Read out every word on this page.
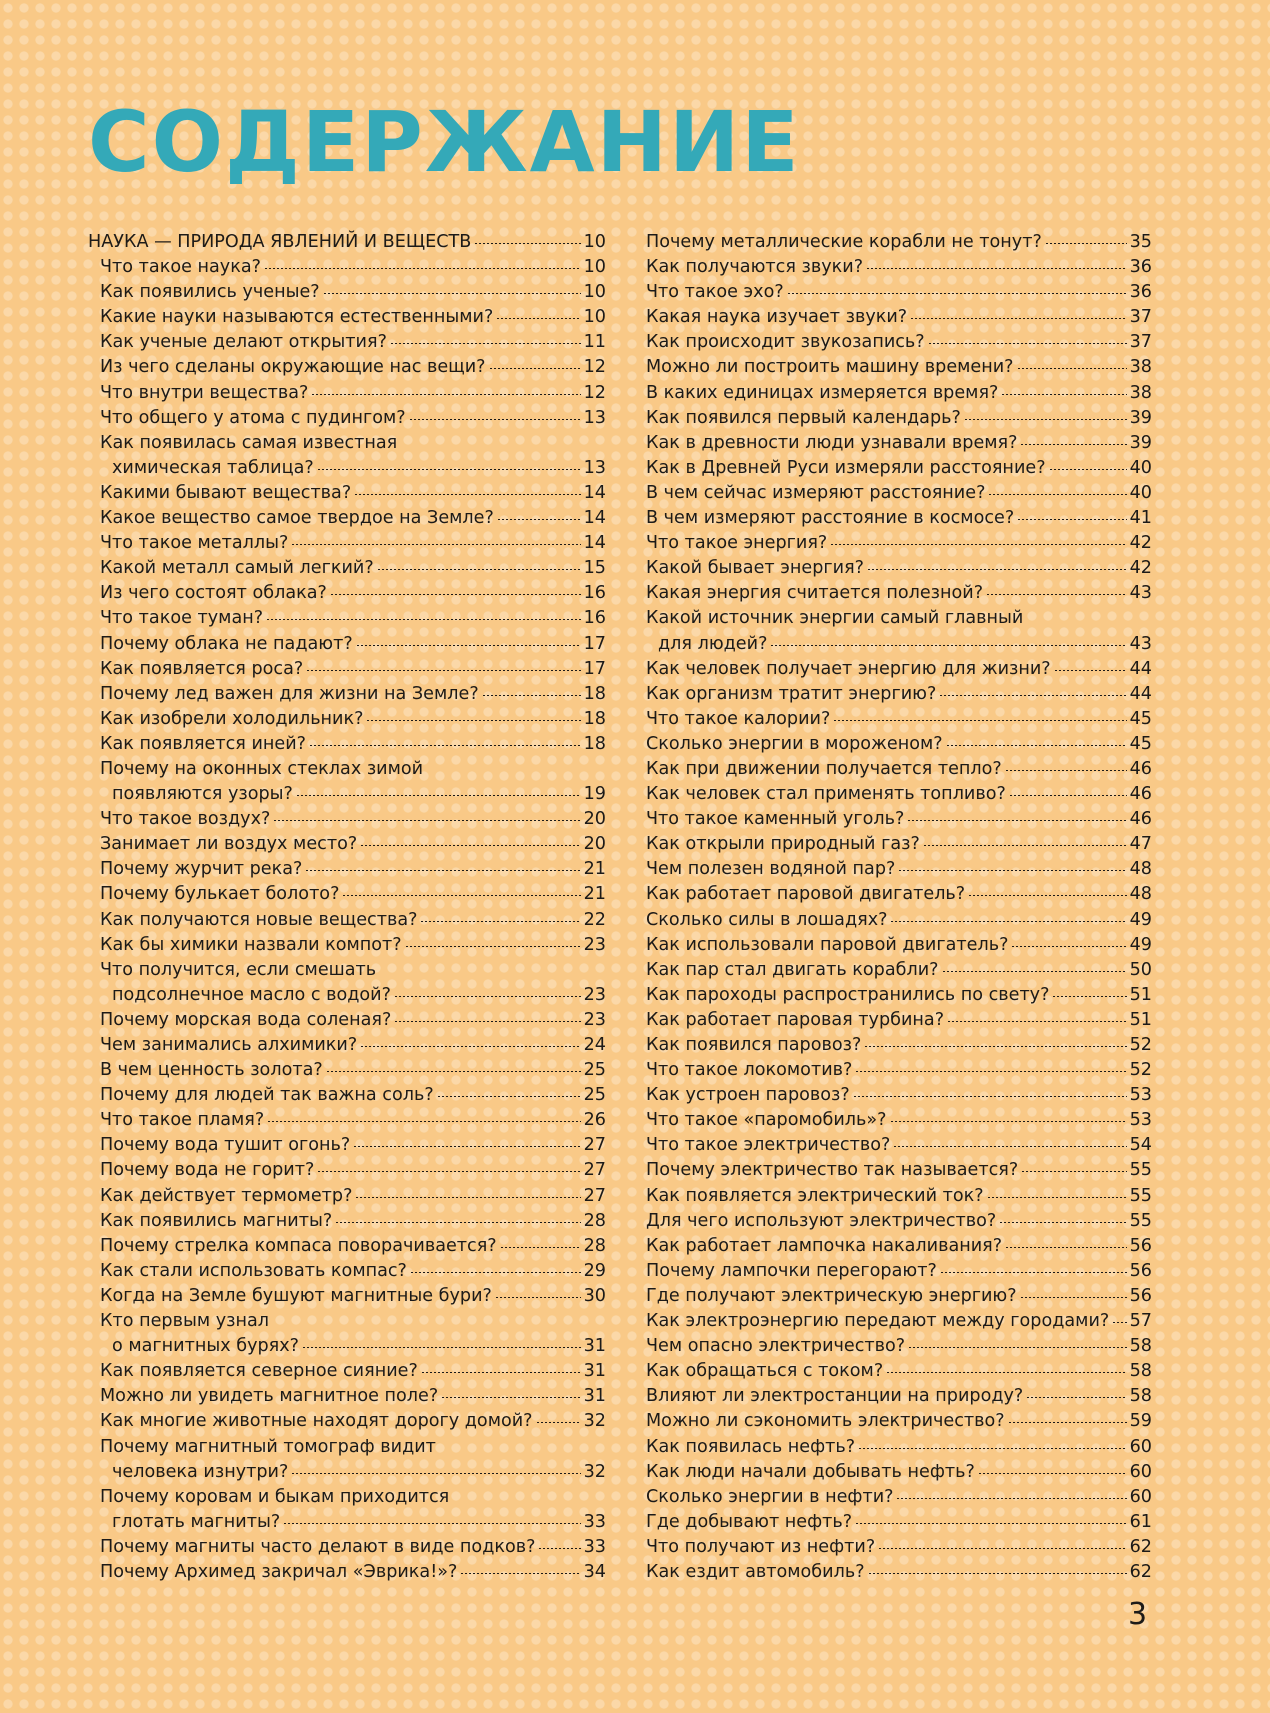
СОДЕРЖАНИЕ
НАУКА — ПРИРОДА ЯВЛЕНИЙ И ВЕЩЕСТВ	10
Что такое наука?	10
Как появились ученые?	10
Какие науки называются естественными?	10
Как ученые делают открытия?	11
Из чего сделаны окружающие нас вещи?	12
Что внутри вещества?	12
Что общего у атома с пудингом?	13
Как появилась самая известная
химическая таблица?	13
Какими бывают вещества?	14
Какое вещество самое твердое на Земле?	14
Что такое металлы?	14
Какой металл самый легкий?	15
Из чего состоят облака?	16
Что такое туман?	16
Почему облака не падают?	17
Как появляется роса?	17
Почему лед важен для жизни на Земле?	18
Как изобрели холодильник?	18
Как появляется иней?	18
Почему на оконных стеклах зимой
появляются узоры?	19
Что такое воздух?	20
Занимает ли воздух место?	20
Почему журчит река?	21
Почему булькает болото?	21
Как получаются новые вещества?	22
Как бы химики назвали компот?	23
Что получится, если смешать
подсолнечное масло с водой?	23
Почему морская вода соленая?	23
Чем занимались алхимики?	24
В чем ценность золота?	25
Почему для людей так важна соль?	25
Что такое пламя?	26
Почему вода тушит огонь?	27
Почему вода не горит?	27
Как действует термометр?	27
Как появились магниты?	28
Почему стрелка компаса поворачивается?	28
Как стали использовать компас?	29
Когда на Земле бушуют магнитные бури?	30
Кто первым узнал
о магнитных бурях?	31
Как появляется северное сияние?	31
Можно ли увидеть магнитное поле?	31
Как многие животные находят дорогу домой?	32
Почему магнитный томограф видит
человека изнутри?	32
Почему коровам и быкам приходится
глотать магниты?	33
Почему магниты часто делают в виде подков?	33
Почему Архимед закричал «Эврика!»?	34
Почему металлические корабли не тонут?	35
Как получаются звуки?	36
Что такое эхо?	36
Какая наука изучает звуки?	37
Как происходит звукозапись?	37
Можно ли построить машину времени?	38
В каких единицах измеряется время?	38
Как появился первый календарь?	39
Как в древности люди узнавали время?	39
Как в Древней Руси измеряли расстояние?	40
В чем сейчас измеряют расстояние?	40
В чем измеряют расстояние в космосе?	41
Что такое энергия?	42
Какой бывает энергия?	42
Какая энергия считается полезной?	43
Какой источник энергии самый главный
для людей?	43
Как человек получает энергию для жизни?	44
Как организм тратит энергию?	44
Что такое калории?	45
Сколько энергии в мороженом?	45
Как при движении получается тепло?	46
Как человек стал применять топливо?	46
Что такое каменный уголь?	46
Как открыли природный газ?	47
Чем полезен водяной пар?	48
Как работает паровой двигатель?	48
Сколько силы в лошадях?	49
Как использовали паровой двигатель?	49
Как пар стал двигать корабли?	50
Как пароходы распространились по свету?	51
Как работает паровая турбина?	51
Как появился паровоз?	52
Что такое локомотив?	52
Как устроен паровоз?	53
Что такое «паромобиль»?	53
Что такое электричество?	54
Почему электричество так называется?	55
Как появляется электрический ток?	55
Для чего используют электричество?	55
Как работает лампочка накаливания?	56
Почему лампочки перегорают?	56
Где получают электрическую энергию?	56
Как электроэнергию передают между городами? 57
Чем опасно электричество?	58
Как обращаться с током?	58
Влияют ли электростанции на природу?	58
Можно ли сэкономить электричество?	59
Как появилась нефть?	60
Как люди начали добывать нефть?	60
Сколько энергии в нефти?	60
Где добывают нефть?	61
Что получают из нефти?	62
Как ездит автомобиль?	62
3
